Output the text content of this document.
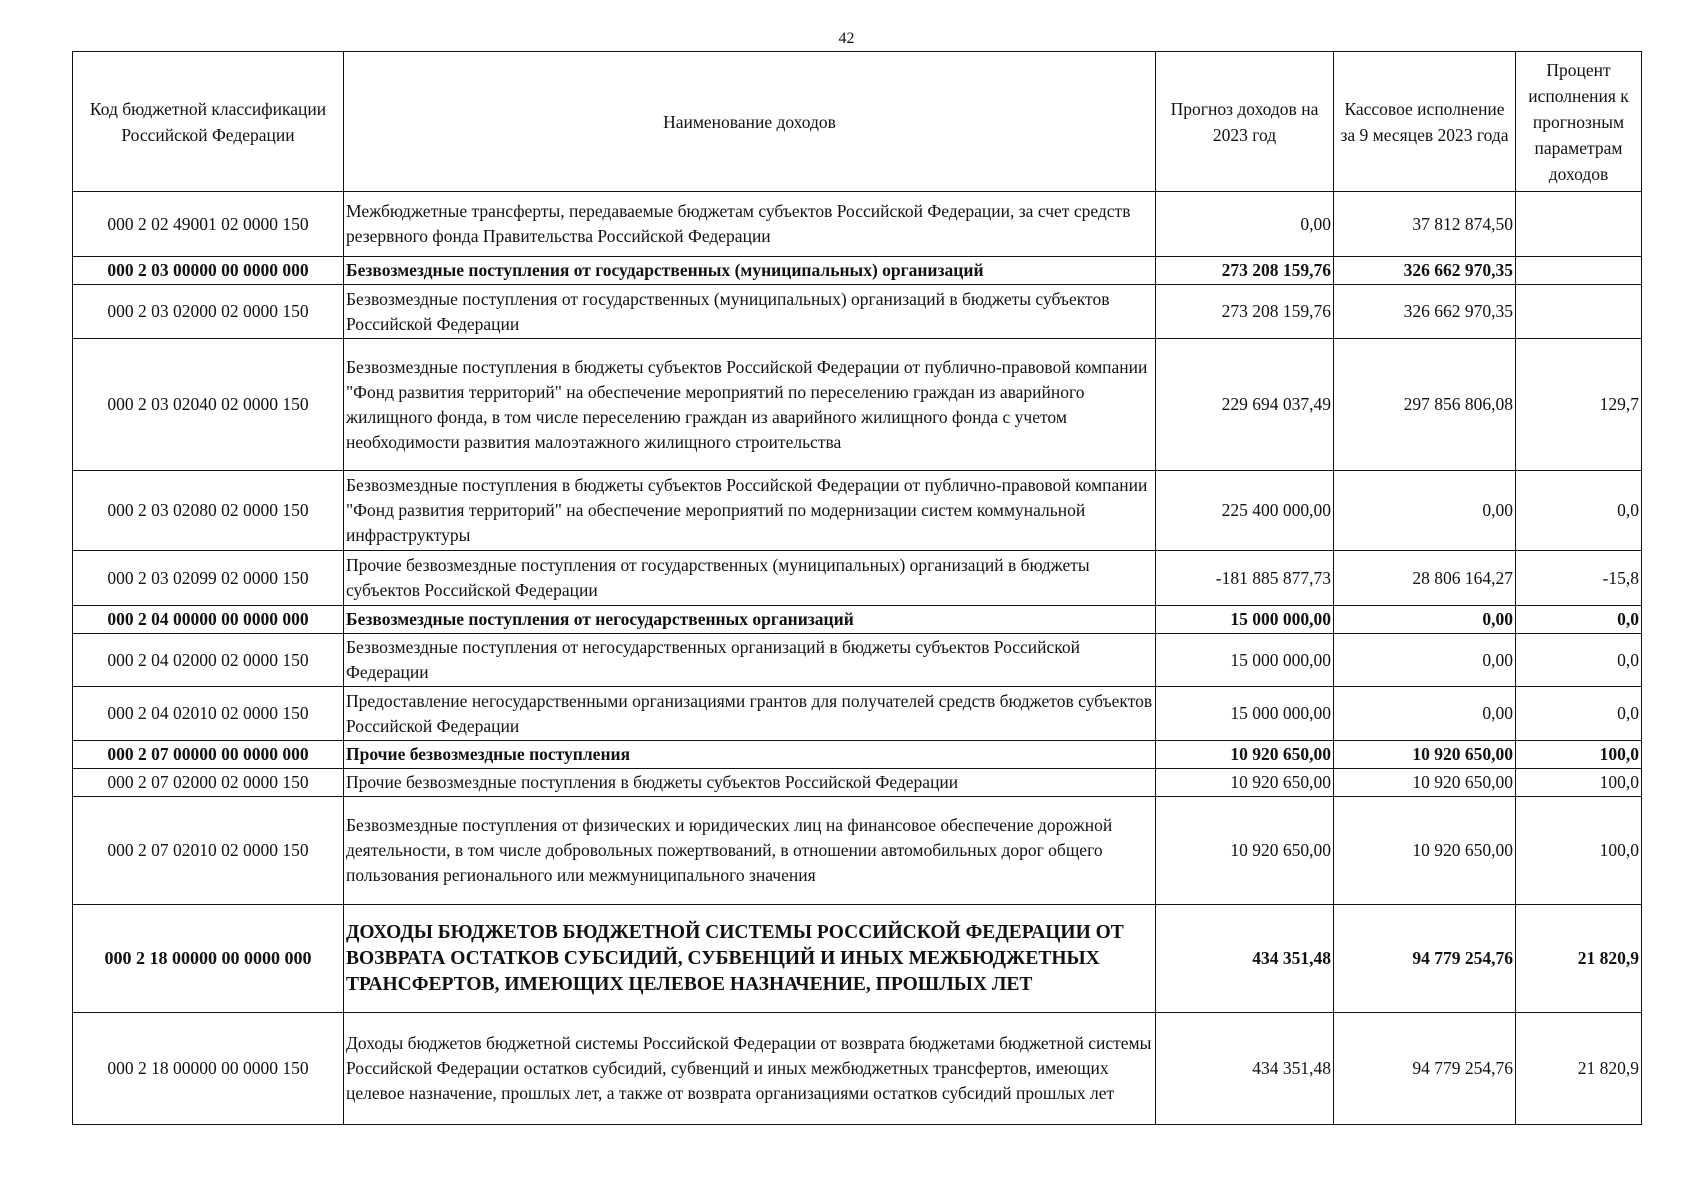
42
Код бюджетной классификации Российской Федерации	Наименование доходов	Прогноз доходов на 2023 год	Кассовое исполнение за 9 месяцев 2023 года	Процент исполнения к прогнозным параметрам доходов
000 2 02 49001 02 0000 150	Межбюджетные трансферты, передаваемые бюджетам субъектов Российской Федерации, за счет средств резервного фонда Правительства Российской Федерации	0,00	37 812 874,50	
000 2 03 00000 00 0000 000	Безвозмездные поступления от государственных (муниципальных) организаций	273 208 159,76	326 662 970,35	
000 2 03 02000 02 0000 150	Безвозмездные поступления от государственных (муниципальных) организаций в бюджеты субъектов Российской Федерации	273 208 159,76	326 662 970,35	
000 2 03 02040 02 0000 150	Безвозмездные поступления в бюджеты субъектов Российской Федерации от публично-правовой компании "Фонд развития территорий" на обеспечение мероприятий по переселению граждан из аварийного жилищного фонда, в том числе переселению граждан из аварийного жилищного фонда с учетом необходимости развития малоэтажного жилищного строительства	229 694 037,49	297 856 806,08	129,7
000 2 03 02080 02 0000 150	Безвозмездные поступления в бюджеты субъектов Российской Федерации от публично-правовой компании "Фонд развития территорий" на обеспечение мероприятий по модернизации систем коммунальной инфраструктуры	225 400 000,00	0,00	0,0
000 2 03 02099 02 0000 150	Прочие безвозмездные поступления от государственных (муниципальных) организаций в бюджеты субъектов Российской Федерации	-181 885 877,73	28 806 164,27	-15,8
000 2 04 00000 00 0000 000	Безвозмездные поступления от негосударственных организаций	15 000 000,00	0,00	0,0
000 2 04 02000 02 0000 150	Безвозмездные поступления от негосударственных организаций в бюджеты субъектов Российской Федерации	15 000 000,00	0,00	0,0
000 2 04 02010 02 0000 150	Предоставление негосударственными организациями грантов для получателей средств бюджетов субъектов Российской Федерации	15 000 000,00	0,00	0,0
000 2 07 00000 00 0000 000	Прочие безвозмездные поступления	10 920 650,00	10 920 650,00	100,0
000 2 07 02000 02 0000 150	Прочие безвозмездные поступления в бюджеты субъектов Российской Федерации	10 920 650,00	10 920 650,00	100,0
000 2 07 02010 02 0000 150	Безвозмездные поступления от физических и юридических лиц на финансовое обеспечение дорожной деятельности, в том числе добровольных пожертвований, в отношении автомобильных дорог общего пользования регионального или межмуниципального значения	10 920 650,00	10 920 650,00	100,0
000 2 18 00000 00 0000 000	ДОХОДЫ БЮДЖЕТОВ БЮДЖЕТНОЙ СИСТЕМЫ РОССИЙСКОЙ ФЕДЕРАЦИИ ОТ ВОЗВРАТА ОСТАТКОВ СУБСИДИЙ, СУБВЕНЦИЙ И ИНЫХ МЕЖБЮДЖЕТНЫХ ТРАНСФЕРТОВ, ИМЕЮЩИХ ЦЕЛЕВОЕ НАЗНАЧЕНИЕ, ПРОШЛЫХ ЛЕТ	434 351,48	94 779 254,76	21 820,9
000 2 18 00000 00 0000 150	Доходы бюджетов бюджетной системы Российской Федерации от возврата бюджетами бюджетной системы Российской Федерации остатков субсидий, субвенций и иных межбюджетных трансфертов, имеющих целевое назначение, прошлых лет, а также от возврата организациями остатков субсидий прошлых лет	434 351,48	94 779 254,76	21 820,9
